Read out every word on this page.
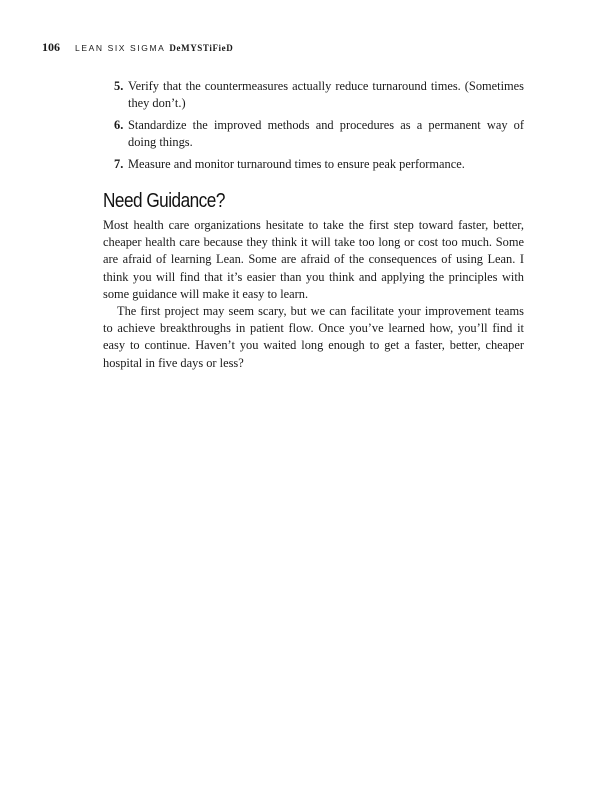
106 LEAN SIX SIGMA DeMYSTiFieD
5. Verify that the countermeasures actually reduce turnaround times. (Sometimes they don’t.)
6. Standardize the improved methods and procedures as a permanent way of doing things.
7. Measure and monitor turnaround times to ensure peak performance.
Need Guidance?

Most health care organizations hesitate to take the first step toward faster, better, cheaper health care because they think it will take too long or cost too much. Some are afraid of learning Lean. Some are afraid of the consequences of using Lean. I think you will find that it’s easier than you think and applying the principles with some guidance will make it easy to learn.

The first project may seem scary, but we can facilitate your improvement teams to achieve breakthroughs in patient flow. Once you’ve learned how, you’ll find it easy to continue. Haven’t you waited long enough to get a faster, better, cheaper hospital in five days or less?
